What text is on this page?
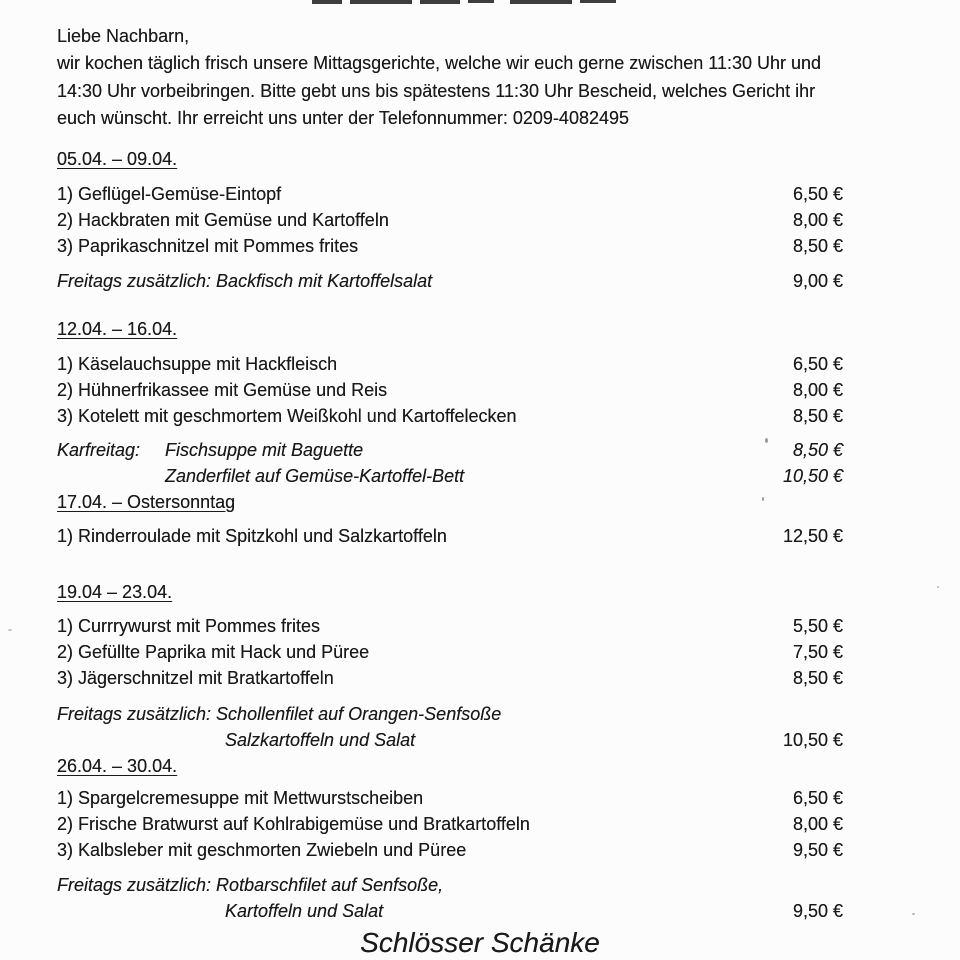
Liebe Nachbarn,
wir kochen täglich frisch unsere Mittagsgerichte, welche wir euch gerne zwischen 11:30 Uhr und
14:30 Uhr vorbeibringen. Bitte gebt uns bis spätestens 11:30 Uhr Bescheid, welches Gericht ihr
euch wünscht. Ihr erreicht uns unter der Telefonnummer: 0209-4082495
05.04. – 09.04.
1) Geflügel-Gemüse-Eintopf	6,50 €
2) Hackbraten mit Gemüse und Kartoffeln	8,00 €
3) Paprikaschnitzel mit Pommes frites	8,50 €
Freitags zusätzlich: Backfisch mit Kartoffelsalat	9,00 €
12.04. – 16.04.
1) Käselauchsuppe mit Hackfleisch	6,50 €
2) Hühnerfrikassee mit Gemüse und Reis	8,00 €
3) Kotelett mit geschmortem Weißkohl und Kartoffelecken	8,50 €
Karfreitag:	Fischsuppe mit Baguette	8,50 €
Zanderfilet auf Gemüse-Kartoffel-Bett	10,50 €
17.04. – Ostersonntag
1) Rinderroulade mit Spitzkohl und Salzkartoffeln	12,50 €
19.04 – 23.04.
1) Currrywurst mit Pommes frites	5,50 €
2) Gefüllte Paprika mit Hack und Püree	7,50 €
3) Jägerschnitzel mit Bratkartoffeln	8,50 €
Freitags zusätzlich: Schollenfilet auf Orangen-Senfsoße
Salzkartoffeln und Salat	10,50 €
26.04. – 30.04.
1) Spargelcremesuppe mit Mettwurstscheiben	6,50 €
2) Frische Bratwurst auf Kohlrabigemüse und Bratkartoffeln	8,00 €
3) Kalbsleber mit geschmorten Zwiebeln und Püree	9,50 €
Freitags zusätzlich: Rotbarschfilet auf Senfsoße,
Kartoffeln und Salat	9,50 €
Schlösser Schänke
